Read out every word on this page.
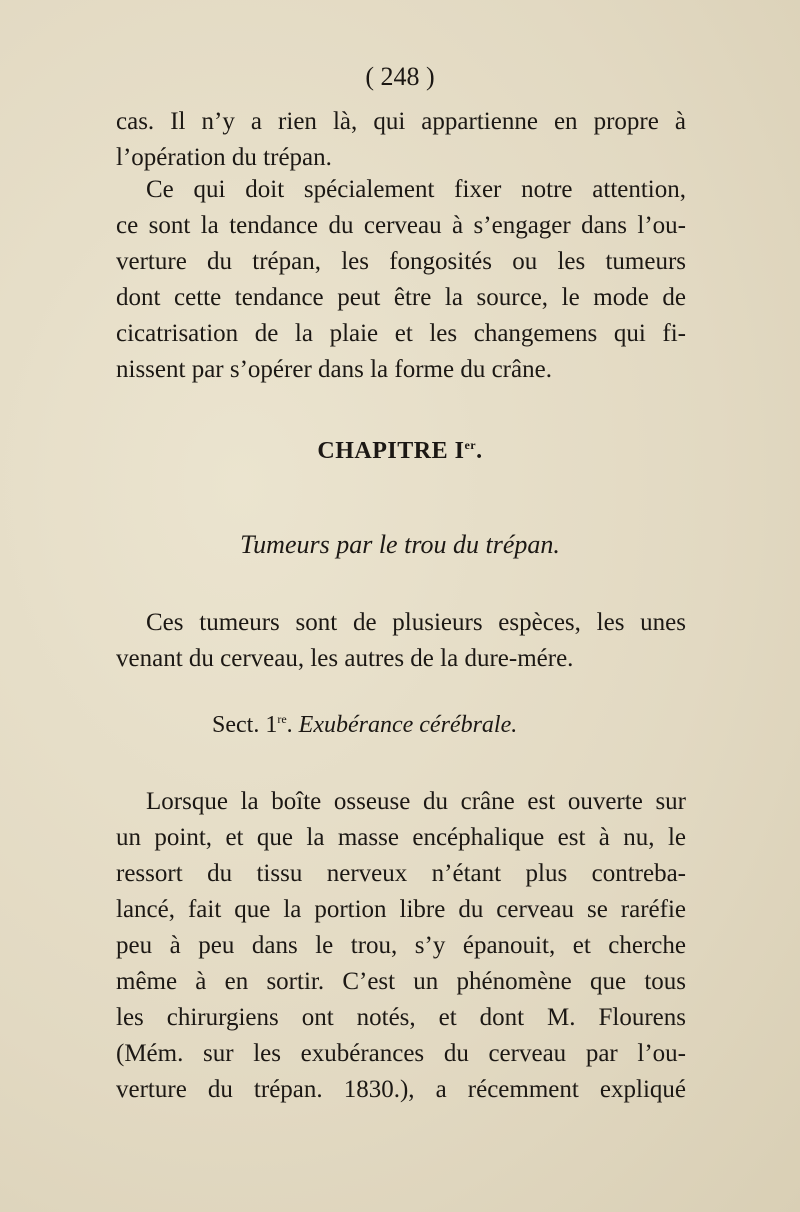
( 248 )
cas. Il n’y a rien là, qui appartienne en propre à
l’opération du trépan.
Ce qui doit spécialement fixer notre attention,
ce sont la tendance du cerveau à s’engager dans l’ou-
verture du trépan, les fongosités ou les tumeurs
dont cette tendance peut être la source, le mode de
cicatrisation de la plaie et les changemens qui fi-
nissent par s’opérer dans la forme du crâne.
CHAPITRE Ier.
Tumeurs par le trou du trépan.
Ces tumeurs sont de plusieurs espèces, les unes
venant du cerveau, les autres de la dure-mére.
Sect. 1re. Exubérance cérébrale.
Lorsque la boîte osseuse du crâne est ouverte sur
un point, et que la masse encéphalique est à nu, le
ressort du tissu nerveux n’étant plus contreba-
lancé, fait que la portion libre du cerveau se raréfie
peu à peu dans le trou, s’y épanouit, et cherche
même à en sortir. C’est un phénomène que tous
les chirurgiens ont notés, et dont M. Flourens
(Mém. sur les exubérances du cerveau par l’ou-
verture du trépan. 1830.), a récemment expliqué
